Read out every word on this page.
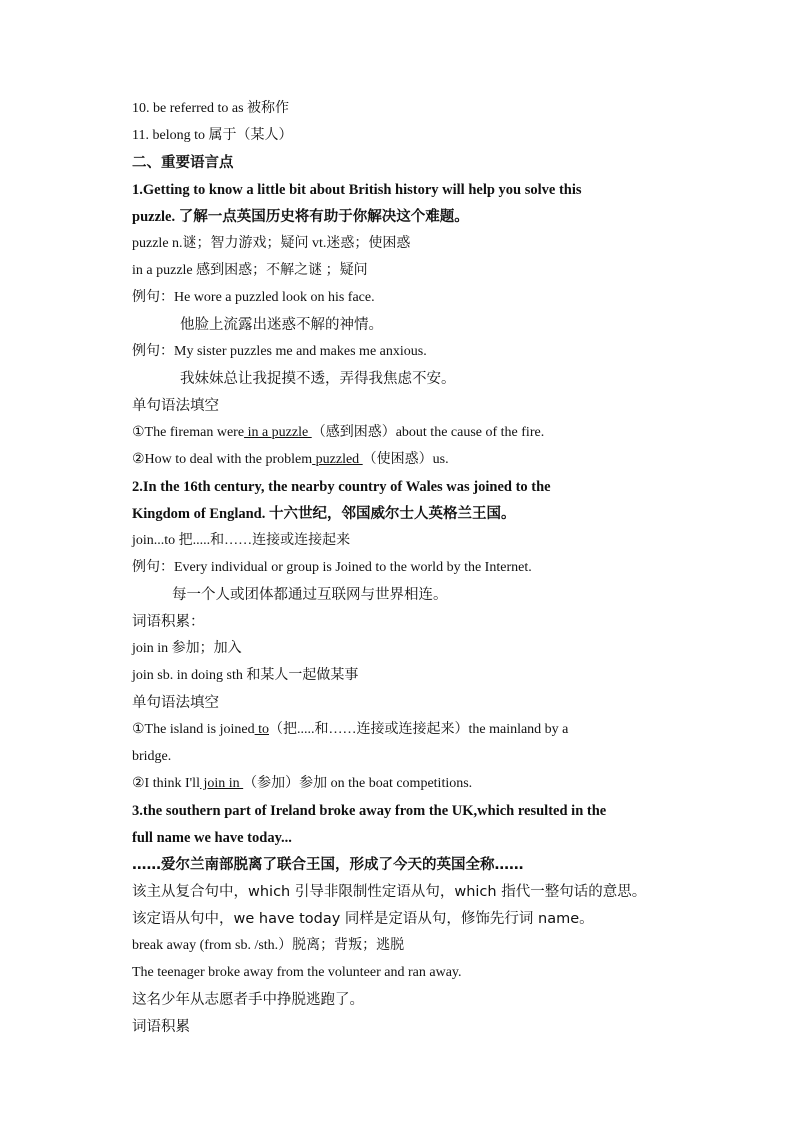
10. be referred to as 被称作
11. belong to 属于（某人）
二、重要语言点
1.Getting to know a little bit about British history will help you solve this
puzzle. 了解一点英国历史将有助于你解决这个难题。
puzzle n.谜；智力游戏；疑问 vt.迷惑；使困惑
in a puzzle 感到困惑；不解之谜 ；疑问
例句：He wore a puzzled look on his face.
他脸上流露出迷惑不解的神情。
例句：My sister puzzles me and makes me anxious.
我妹妹总让我捉摸不透，弄得我焦虑不安。
单句语法填空
①The fireman were in a puzzle （感到困惑）about the cause of the fire.
②How to deal with the problem puzzled （使困惑）us.
2.In the 16th century, the nearby country of Wales was joined to the
Kingdom of England. 十六世纪，邻国威尔士人英格兰王国。
join...to 把.....和……连接或连接起来
例句：Every individual or group is Joined to the world by the Internet.
每一个人或团体都通过互联网与世界相连。
词语积累：
join in 参加；加入
join sb. in doing sth 和某人一起做某事
单句语法填空
①The island is joined to（把.....和……连接或连接起来）the mainland by a
bridge.
②I think I'll join in （参加）参加 on the boat competitions.
3.the southern part of Ireland broke away from the UK,which resulted in the
full name we have today...
……爱尔兰南部脱离了联合王国，形成了今天的英国全称……
该主从复合句中，which 引导非限制性定语从句，which 指代一整句话的意思。
该定语从句中，we have today 同样是定语从句，修饰先行词 name。
break away (from sb. /sth.）脱离；背叛；逃脱
The teenager broke away from the volunteer and ran away.
这名少年从志愿者手中挣脱逃跑了。
词语积累
